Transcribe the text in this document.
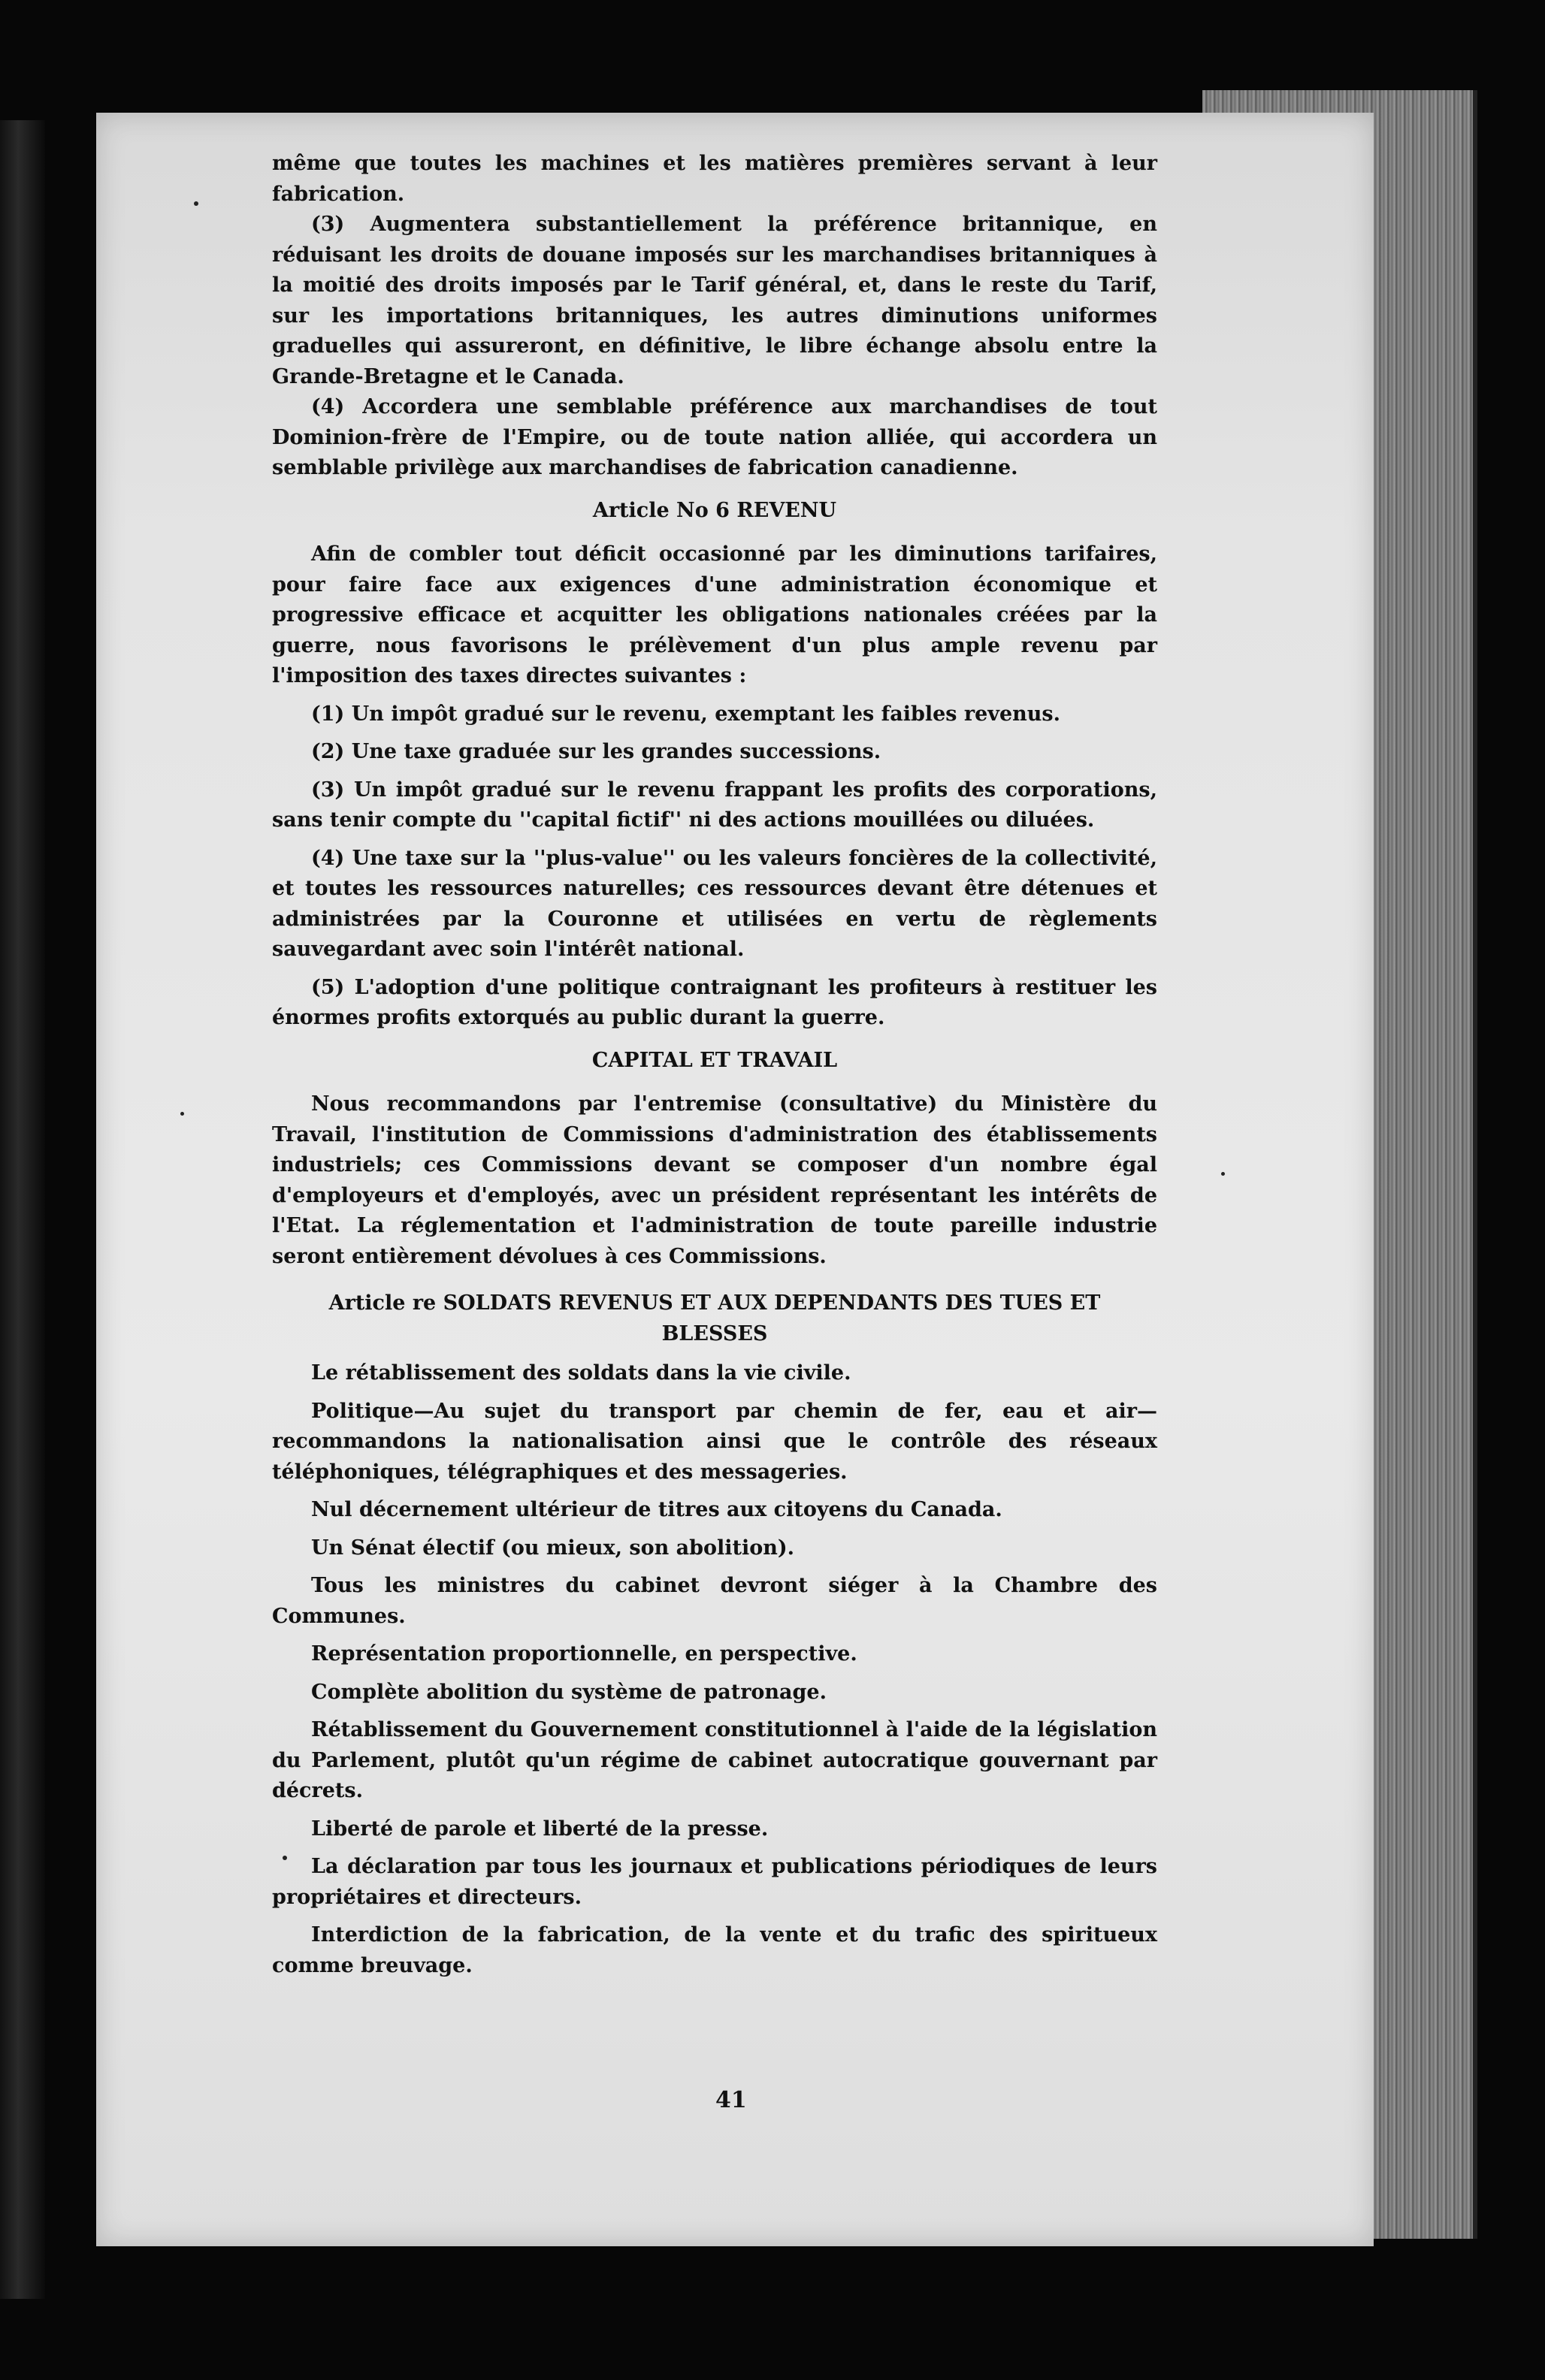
même que toutes les machines et les matières premières servant à leur fabrication.

(3) Augmentera substantiellement la préférence britannique, en réduisant les droits de douane imposés sur les marchandises britanniques à la moitié des droits imposés par le Tarif général, et, dans le reste du Tarif, sur les importations britanniques, les autres diminutions uniformes graduelles qui assureront, en définitive, le libre échange absolu entre la Grande-Bretagne et le Canada.

(4) Accordera une semblable préférence aux marchandises de tout Dominion-frère de l'Empire, ou de toute nation alliée, qui accordera un semblable privilège aux marchandises de fabrication canadienne.

Article No 6 REVENU

Afin de combler tout déficit occasionné par les diminutions tarifaires, pour faire face aux exigences d'une administration économique et progressive efficace et acquitter les obligations nationales créées par la guerre, nous favorisons le prélèvement d'un plus ample revenu par l'imposition des taxes directes suivantes :

(1) Un impôt gradué sur le revenu, exemptant les faibles revenus.

(2) Une taxe graduée sur les grandes successions.

(3) Un impôt gradué sur le revenu frappant les profits des corporations, sans tenir compte du ''capital fictif'' ni des actions mouillées ou diluées.

(4) Une taxe sur la ''plus-value'' ou les valeurs foncières de la collectivité, et toutes les ressources naturelles; ces ressources devant être détenues et administrées par la Couronne et utilisées en vertu de règlements sauvegardant avec soin l'intérêt national.

(5) L'adoption d'une politique contraignant les profiteurs à restituer les énormes profits extorqués au public durant la guerre.

CAPITAL ET TRAVAIL

Nous recommandons par l'entremise (consultative) du Ministère du Travail, l'institution de Commissions d'administration des établissements industriels; ces Commissions devant se composer d'un nombre égal d'employeurs et d'employés, avec un président représentant les intérêts de l'Etat. La réglementation et l'administration de toute pareille industrie seront entièrement dévolues à ces Commissions.

Article re SOLDATS REVENUS ET AUX DEPENDANTS DES TUES ET
BLESSES

Le rétablissement des soldats dans la vie civile.

Politique—Au sujet du transport par chemin de fer, eau et air—recommandons la nationalisation ainsi que le contrôle des réseaux téléphoniques, télégraphiques et des messageries.

Nul décernement ultérieur de titres aux citoyens du Canada.

Un Sénat électif (ou mieux, son abolition).

Tous les ministres du cabinet devront siéger à la Chambre des Communes.

Représentation proportionnelle, en perspective.

Complète abolition du système de patronage.

Rétablissement du Gouvernement constitutionnel à l'aide de la législation du Parlement, plutôt qu'un régime de cabinet autocratique gouvernant par décrets.

Liberté de parole et liberté de la presse.

La déclaration par tous les journaux et publications périodiques de leurs propriétaires et directeurs.

Interdiction de la fabrication, de la vente et du trafic des spiritueux comme breuvage.

41
